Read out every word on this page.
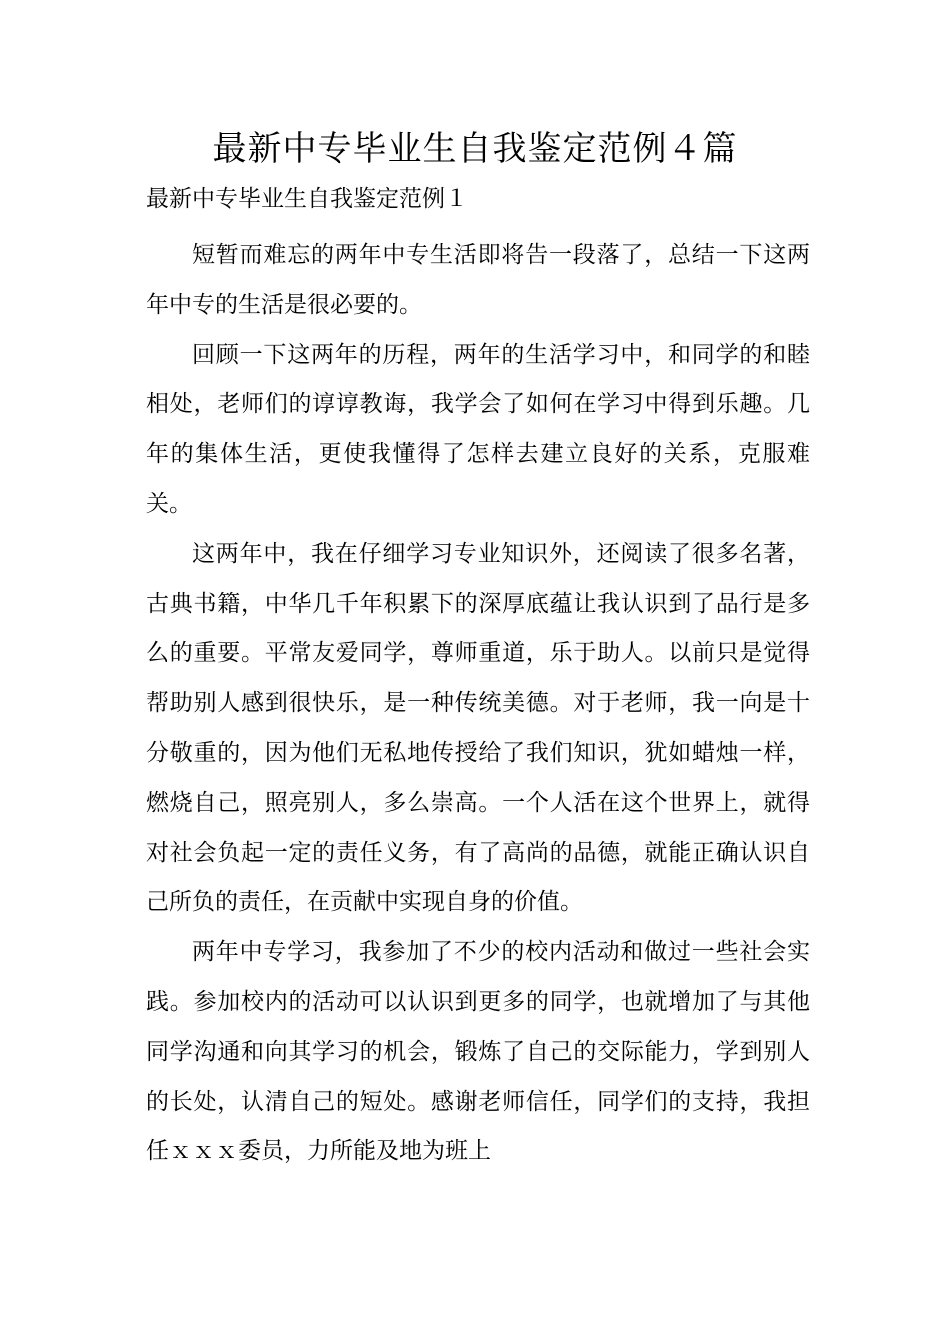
最新中专毕业生自我鉴定范例４篇
最新中专毕业生自我鉴定范例１

短暂而难忘的两年中专生活即将告一段落了，总结一下这两年中专的生活是很必要的。

回顾一下这两年的历程，两年的生活学习中，和同学的和睦相处，老师们的谆谆教诲，我学会了如何在学习中得到乐趣。几年的集体生活，更使我懂得了怎样去建立良好的关系，克服难关。

这两年中，我在仔细学习专业知识外，还阅读了很多名著，古典书籍，中华几千年积累下的深厚底蕴让我认识到了品行是多么的重要。平常友爱同学，尊师重道，乐于助人。以前只是觉得帮助别人感到很快乐，是一种传统美德。对于老师，我一向是十分敬重的，因为他们无私地传授给了我们知识，犹如蜡烛一样，燃烧自己，照亮别人，多么崇高。一个人活在这个世界上，就得对社会负起一定的责任义务，有了高尚的品德，就能正确认识自己所负的责任，在贡献中实现自身的价值。

两年中专学习，我参加了不少的校内活动和做过一些社会实践。参加校内的活动可以认识到更多的同学，也就增加了与其他同学沟通和向其学习的机会，锻炼了自己的交际能力，学到别人的长处，认清自己的短处。感谢老师信任，同学们的支持，我担任ｘｘｘ委员，力所能及地为班上
